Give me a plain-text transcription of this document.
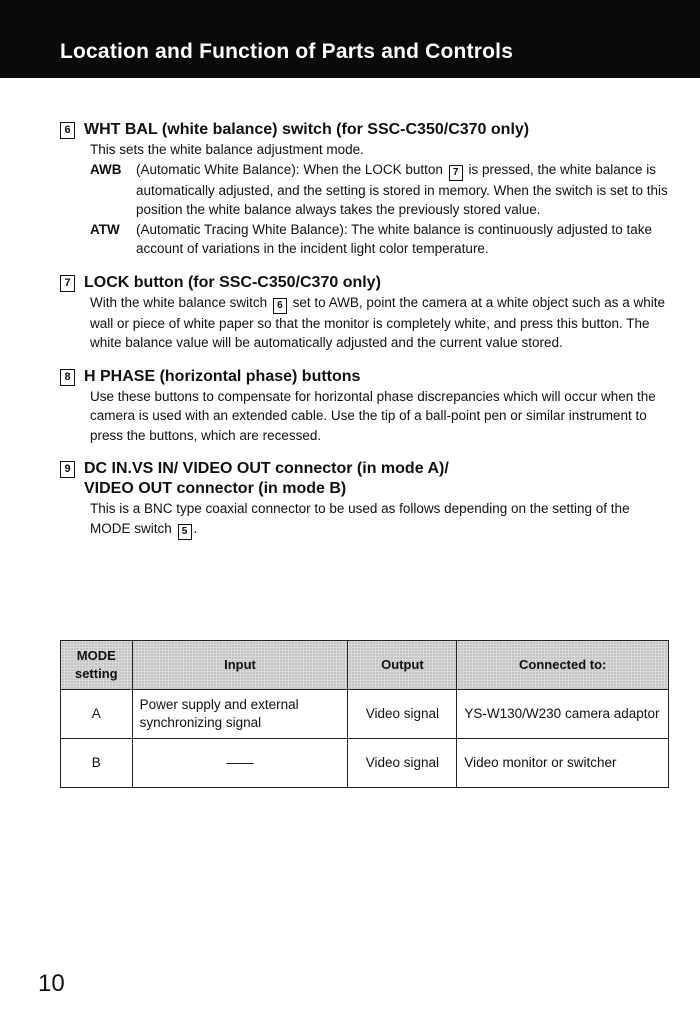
Location and Function of Parts and Controls
6 WHT BAL (white balance) switch (for SSC-C350/C370 only)
This sets the white balance adjustment mode.
AWB	(Automatic White Balance): When the LOCK button 7 is pressed, the white balance is automatically adjusted, and the setting is stored in memory. When the switch is set to this position the white balance always takes the previously stored value.
ATW	(Automatic Tracing White Balance): The white balance is continuously adjusted to take account of variations in the incident light color temperature.
7 LOCK button (for SSC-C350/C370 only)
With the white balance switch 6 set to AWB, point the camera at a white object such as a white wall or piece of white paper so that the monitor is completely white, and press this button. The white balance value will be automatically adjusted and the current value stored.
8 H PHASE (horizontal phase) buttons
Use these buttons to compensate for horizontal phase discrepancies which will occur when the camera is used with an extended cable. Use the tip of a ball-point pen or similar instrument to press the buttons, which are recessed.
9 DC IN.VS IN/ VIDEO OUT connector (in mode A)/
VIDEO OUT connector (in mode B)
This is a BNC type coaxial connector to be used as follows depending on the setting of the MODE switch 5 .
MODE
setting	Input	Output	Connected to:
A	Power supply and external synchronizing signal	Video signal	YS-W130/W230 camera adaptor
B	——	Video signal	Video monitor or switcher
10
